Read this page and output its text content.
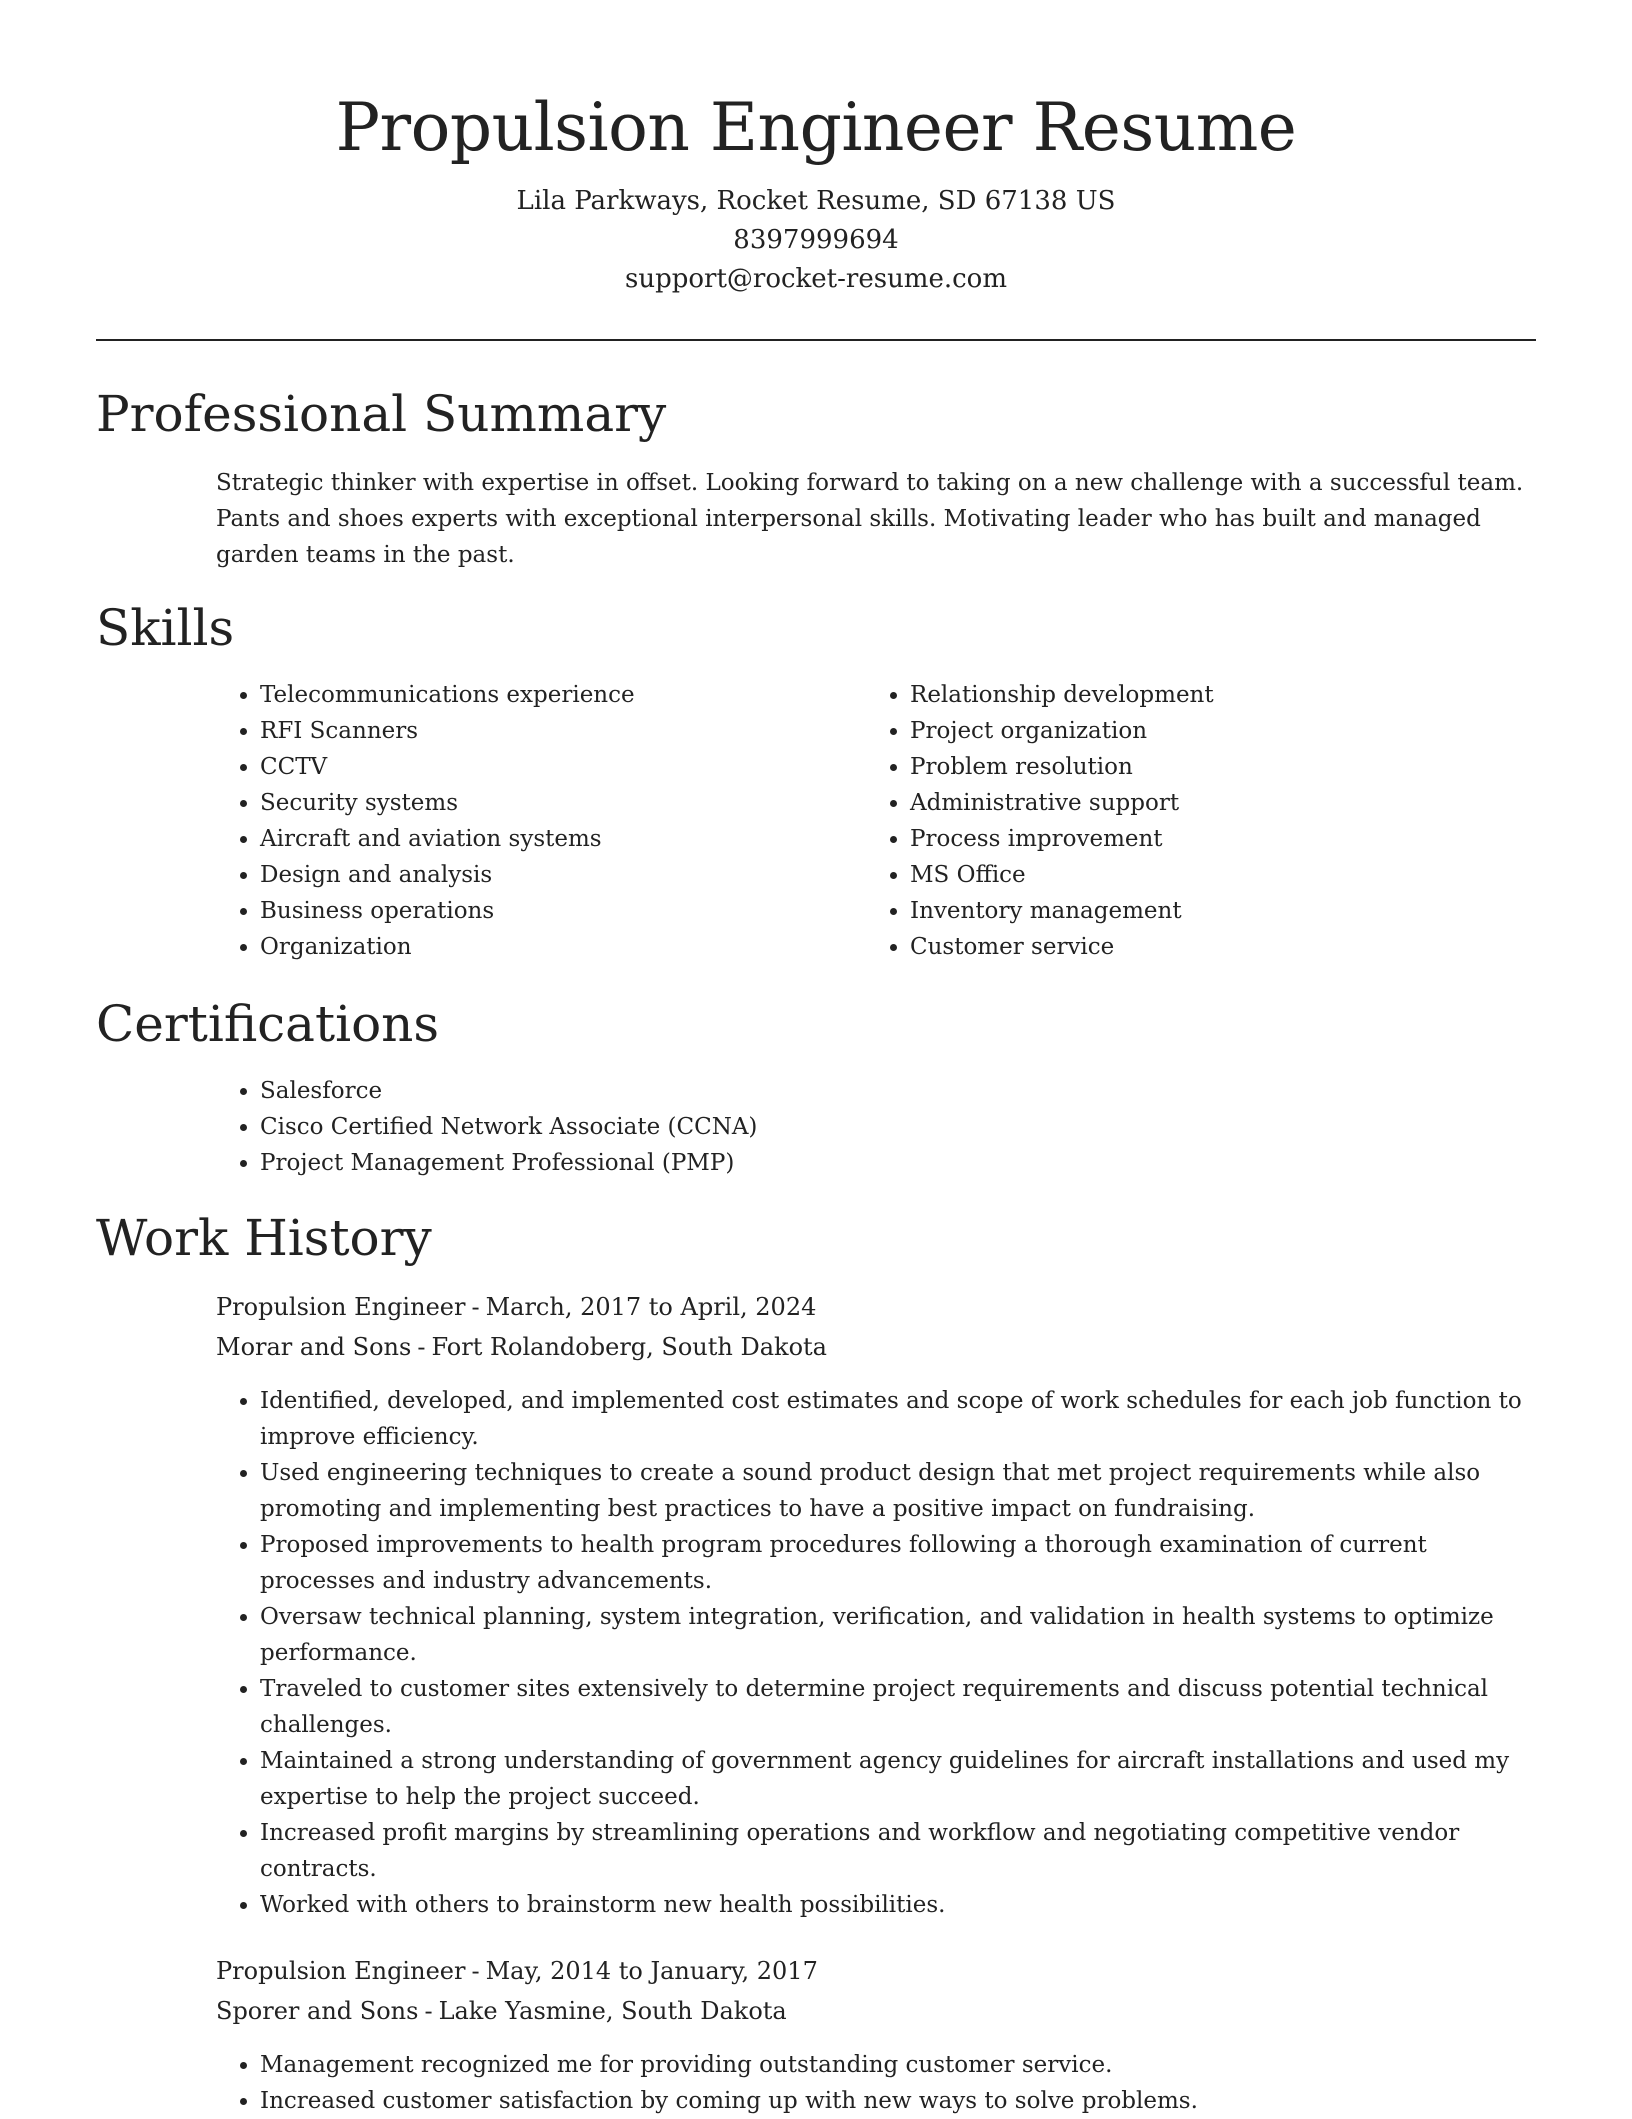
Propulsion Engineer Resume

Lila Parkways, Rocket Resume, SD 67138 US

8397999694

support@rocket-resume.com

Professional Summary

Strategic thinker with expertise in offset. Looking forward to taking on a new challenge with a successful team. Pants and shoes experts with exceptional interpersonal skills. Motivating leader who has built and managed garden teams in the past.

Skills
• Telecommunications experience
• RFI Scanners
• CCTV
• Security systems
• Aircraft and aviation systems
• Design and analysis
• Business operations
• Organization
• Relationship development
• Project organization
• Problem resolution
• Administrative support
• Process improvement
• MS Office
• Inventory management
• Customer service
Certifications
• Salesforce
• Cisco Certified Network Associate (CCNA)
• Project Management Professional (PMP)
Work History

Propulsion Engineer - March, 2017 to April, 2024

Morar and Sons - Fort Rolandoberg, South Dakota

• Identified, developed, and implemented cost estimates and scope of work schedules for each job function to improve efficiency.
• Used engineering techniques to create a sound product design that met project requirements while also promoting and implementing best practices to have a positive impact on fundraising.
• Proposed improvements to health program procedures following a thorough examination of current processes and industry advancements.
• Oversaw technical planning, system integration, verification, and validation in health systems to optimize performance.
• Traveled to customer sites extensively to determine project requirements and discuss potential technical challenges.
• Maintained a strong understanding of government agency guidelines for aircraft installations and used my expertise to help the project succeed.
• Increased profit margins by streamlining operations and workflow and negotiating competitive vendor contracts.
• Worked with others to brainstorm new health possibilities.

Propulsion Engineer - May, 2014 to January, 2017

Sporer and Sons - Lake Yasmine, South Dakota

• Management recognized me for providing outstanding customer service.
• Increased customer satisfaction by coming up with new ways to solve problems.
